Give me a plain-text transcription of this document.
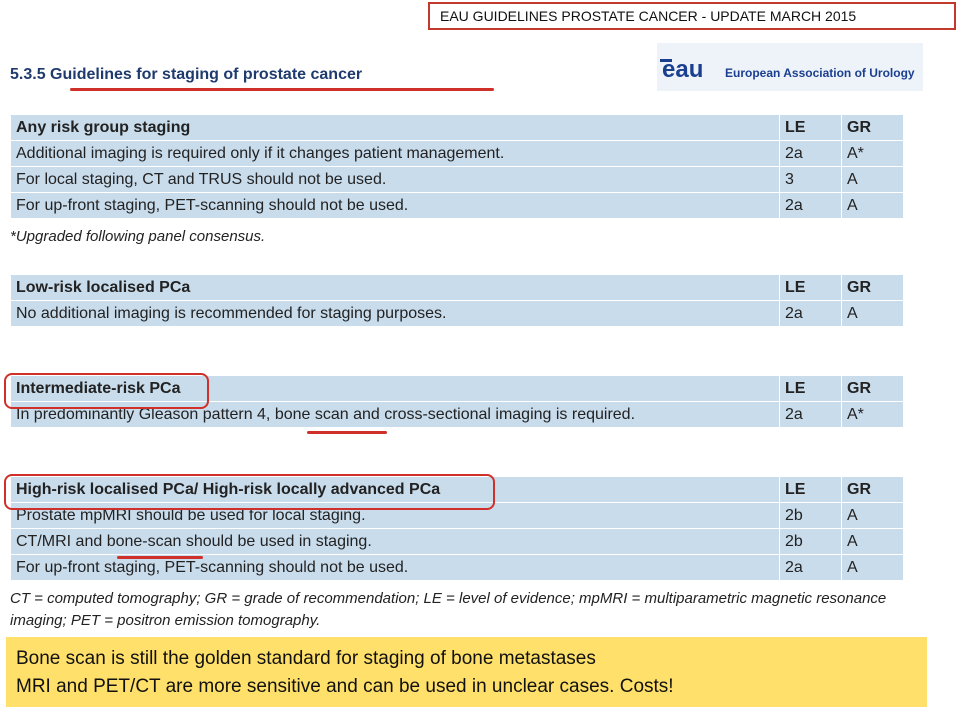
EAU GUIDELINES PROSTATE CANCER - UPDATE MARCH 2015
5.3.5 Guidelines for staging of prostate cancer	eau European Association of Urology
Any risk group staging	LE	GR
Additional imaging is required only if it changes patient management.	2a	A*
For local staging, CT and TRUS should not be used.	3	A
For up-front staging, PET-scanning should not be used.	2a	A
*Upgraded following panel consensus.
Low-risk localised PCa	LE	GR
No additional imaging is recommended for staging purposes.	2a	A
Intermediate-risk PCa	LE	GR
In predominantly Gleason pattern 4, bone scan and cross-sectional imaging is required.	2a	A*
High-risk localised PCa/ High-risk locally advanced PCa	LE	GR
Prostate mpMRI should be used for local staging.	2b	A
CT/MRI and bone-scan should be used in staging.	2b	A
For up-front staging, PET-scanning should not be used.	2a	A
CT = computed tomography; GR = grade of recommendation; LE = level of evidence; mpMRI = multiparametric magnetic resonance imaging; PET = positron emission tomography.
Bone scan is still the golden standard for staging of bone metastases
MRI and PET/CT are more sensitive and can be used in unclear cases. Costs!
